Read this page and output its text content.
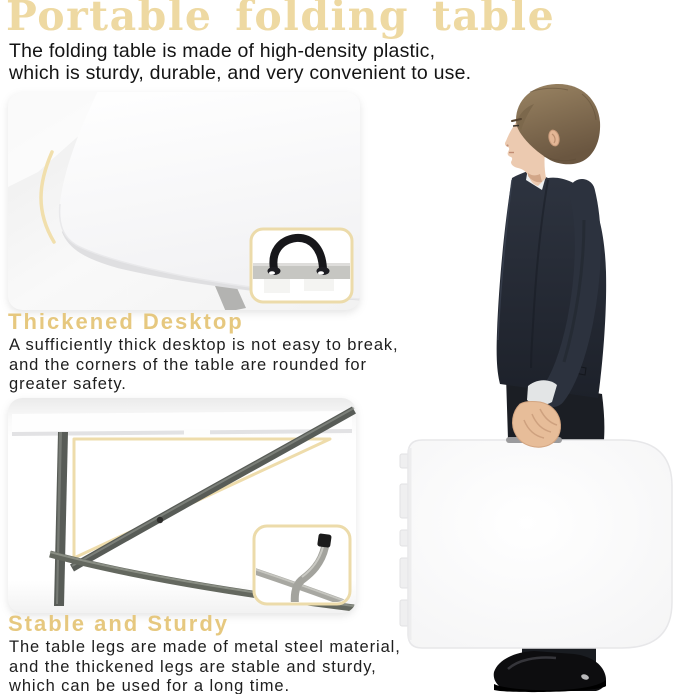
Portable folding table
The folding table is made of high-density plastic,
which is sturdy, durable, and very convenient to use.
Thickened Desktop
A sufficiently thick desktop is not easy to break,
and the corners of the table are rounded for
greater safety.
Stable and Sturdy
The table legs are made of metal steel material,
and the thickened legs are stable and sturdy,
which can be used for a long time.
